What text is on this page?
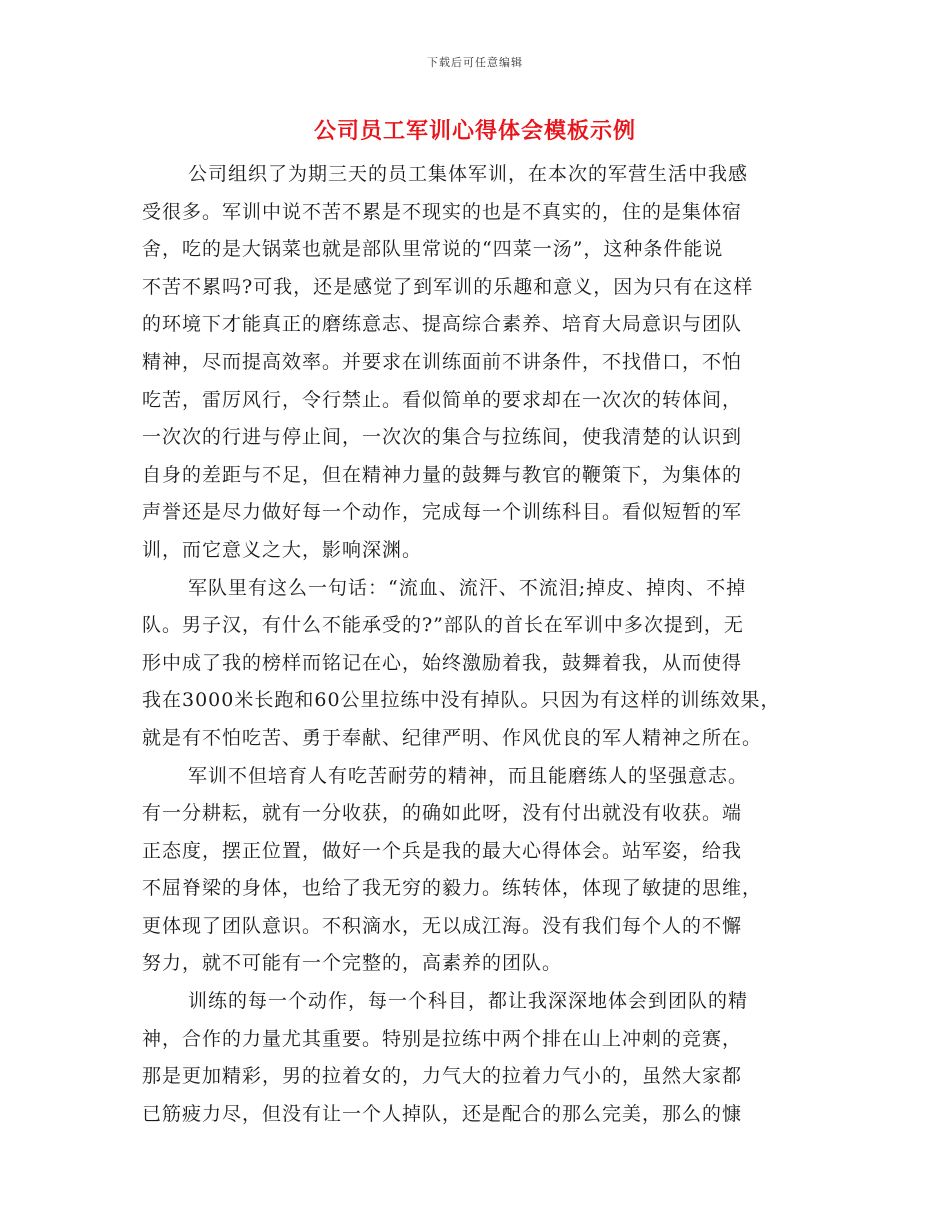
下载后可任意编辑
公司员工军训心得体会模板示例
公司组织了为期三天的员工集体军训，在本次的军营生活中我感
受很多。军训中说不苦不累是不现实的也是不真实的，住的是集体宿
舍，吃的是大锅菜也就是部队里常说的“四菜一汤”，这种条件能说
不苦不累吗?可我，还是感觉了到军训的乐趣和意义，因为只有在这样
的环境下才能真正的磨练意志、提高综合素养、培育大局意识与团队
精神，尽而提高效率。并要求在训练面前不讲条件，不找借口，不怕
吃苦，雷厉风行，令行禁止。看似简单的要求却在一次次的转体间，
一次次的行进与停止间，一次次的集合与拉练间，使我清楚的认识到
自身的差距与不足，但在精神力量的鼓舞与教官的鞭策下，为集体的
声誉还是尽力做好每一个动作，完成每一个训练科目。看似短暂的军
训，而它意义之大，影响深渊。
军队里有这么一句话：“流血、流汗、不流泪;掉皮、掉肉、不掉
队。男子汉，有什么不能承受的?”部队的首长在军训中多次提到，无
形中成了我的榜样而铭记在心，始终激励着我，鼓舞着我，从而使得
我在3000米长跑和60公里拉练中没有掉队。只因为有这样的训练效果，
就是有不怕吃苦、勇于奉献、纪律严明、作风优良的军人精神之所在。
军训不但培育人有吃苦耐劳的精神，而且能磨练人的坚强意志。
有一分耕耘，就有一分收获，的确如此呀，没有付出就没有收获。端
正态度，摆正位置，做好一个兵是我的最大心得体会。站军姿，给我
不屈脊梁的身体，也给了我无穷的毅力。练转体，体现了敏捷的思维，
更体现了团队意识。不积滴水，无以成江海。没有我们每个人的不懈
努力，就不可能有一个完整的，高素养的团队。
训练的每一个动作，每一个科目，都让我深深地体会到团队的精
神，合作的力量尤其重要。特别是拉练中两个排在山上冲刺的竞赛，
那是更加精彩，男的拉着女的，力气大的拉着力气小的，虽然大家都
已筋疲力尽，但没有让一个人掉队，还是配合的那么完美，那么的慷
